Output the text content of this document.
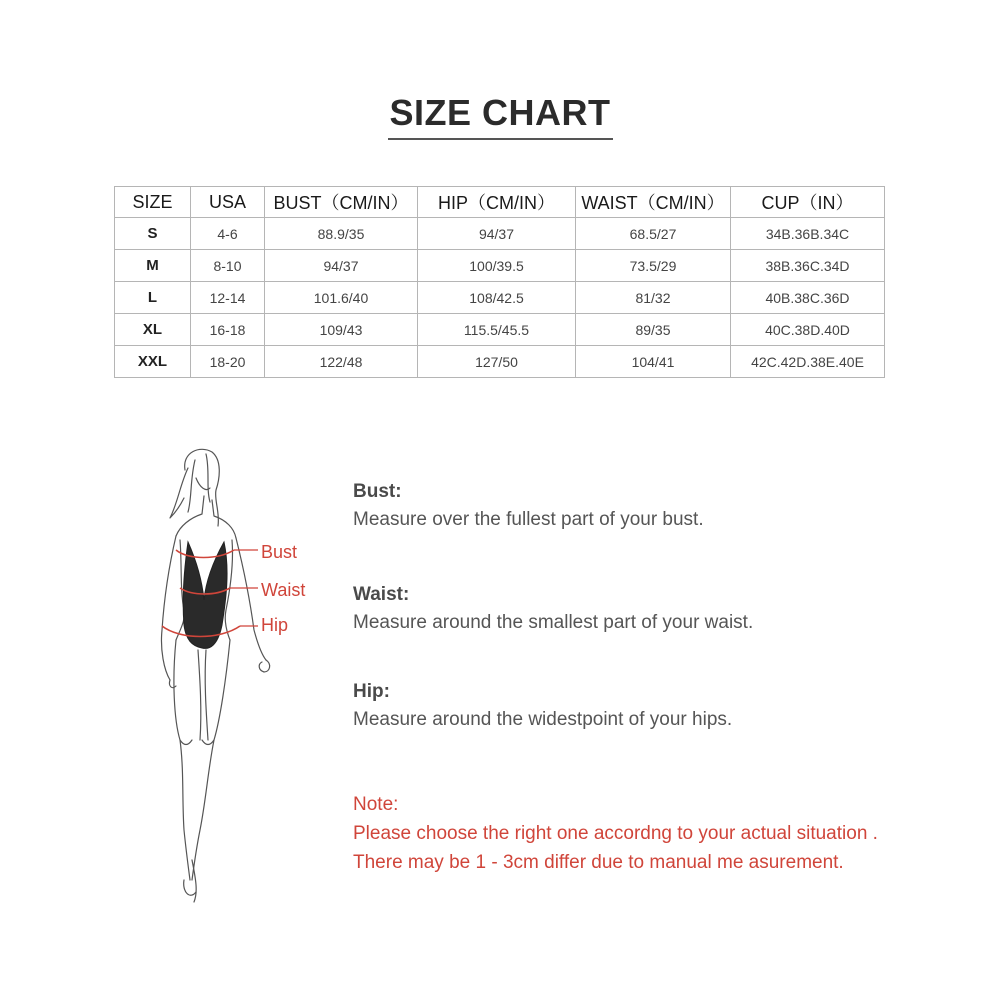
SIZE CHART
SIZE	USA	BUST（CM/IN）	HIP（CM/IN）	WAIST（CM/IN）	CUP（IN）
S	4-6	88.9/35	94/37	68.5/27	34B.36B.34C
M	8-10	94/37	100/39.5	73.5/29	38B.36C.34D
L	12-14	101.6/40	108/42.5	81/32	40B.38C.36D
XL	16-18	109/43	115.5/45.5	89/35	40C.38D.40D
XXL	18-20	122/48	127/50	104/41	42C.42D.38E.40E
Bust
Waist
Hip
Bust:
Measure over the fullest part of your bust.
Waist:
Measure around the smallest part of your waist.
Hip:
Measure around the widestpoint of your hips.
Note:
Please choose the right one accordng to your actual situation .
There may be 1 - 3cm differ due to manual me asurement.
